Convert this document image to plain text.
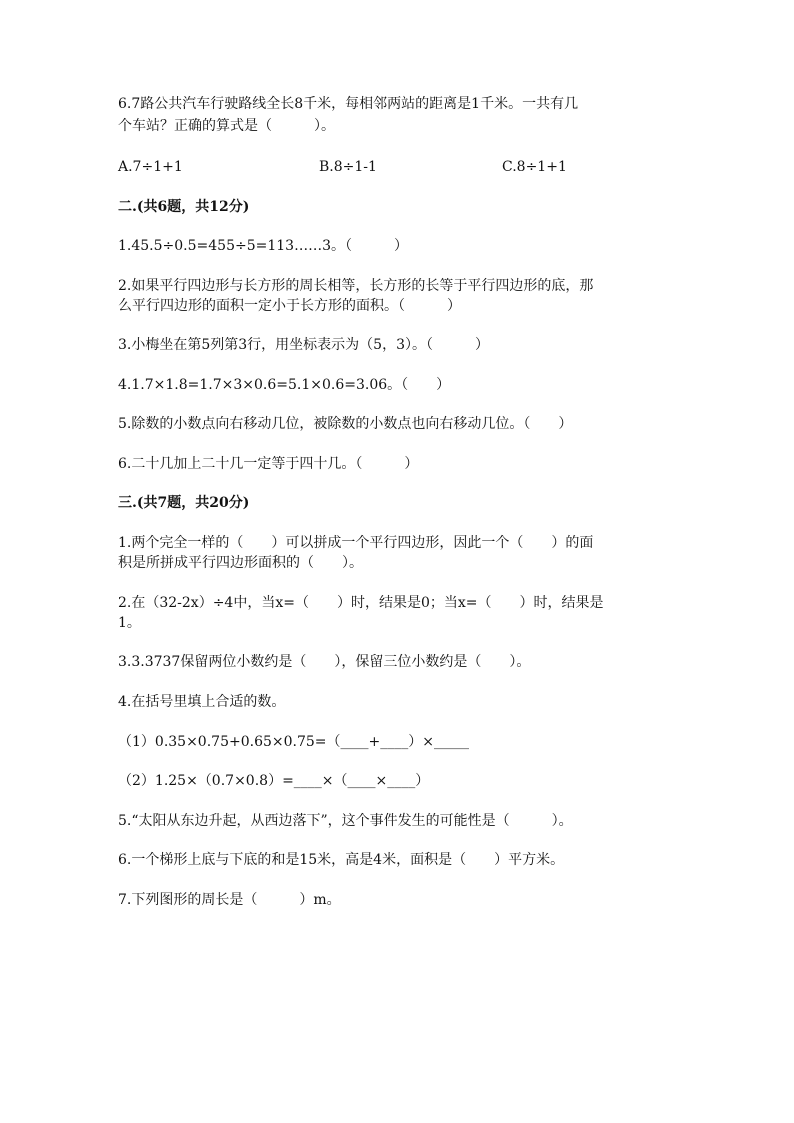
6.7路公共汽车行驶路线全长8千米，每相邻两站的距离是1千米。一共有几
个车站？正确的算式是（　　　）。
A.7÷1+1	B.8÷1-1	C.8÷1+1
二.(共6题，共12分)
1.45.5÷0.5=455÷5=113……3。（　　　）
2.如果平行四边形与长方形的周长相等，长方形的长等于平行四边形的底，那
么平行四边形的面积一定小于长方形的面积。（　　　）
3.小梅坐在第5列第3行，用坐标表示为（5，3）。（　　　）
4.1.7×1.8=1.7×3×0.6=5.1×0.6=3.06。（　　）
5.除数的小数点向右移动几位，被除数的小数点也向右移动几位。（　　）
6.二十几加上二十几一定等于四十几。（　　　）
三.(共7题，共20分)
1.两个完全一样的（　　）可以拼成一个平行四边形，因此一个（　　）的面
积是所拼成平行四边形面积的（　　）。
2.在（32-2x）÷4中，当x=（　　）时，结果是0；当x=（　　）时，结果是
1。
3.3.3737保留两位小数约是（　　），保留三位小数约是（　　）。
4.在括号里填上合适的数。
（1）0.35×0.75+0.65×0.75=（____+____）×_____
（2）1.25×（0.7×0.8）=____×（____×____）
5.“太阳从东边升起，从西边落下”，这个事件发生的可能性是（　　　）。
6.一个梯形上底与下底的和是15米，高是4米，面积是（　　）平方米。
7.下列图形的周长是（　　　）m。
